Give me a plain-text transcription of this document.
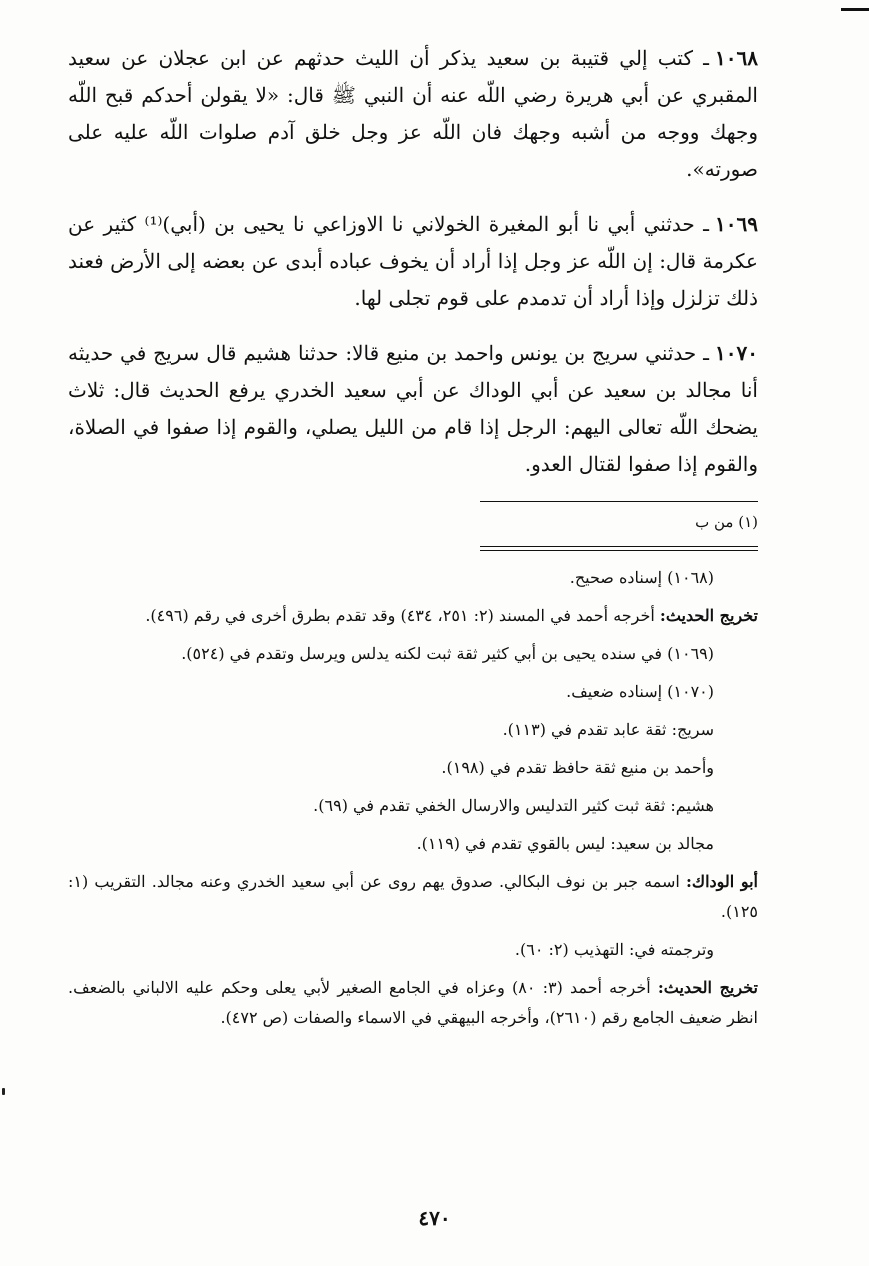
١٠٦٨ـ كتب إلي قتيبة بن سعيد يذكر أن الليث حدثهم عن ابن عجلان عن سعيد المقبري عن أبي هريرة رضي اللّه عنه أن النبي ﷺ قال: «لا يقولن أحدكم قبح اللّه وجهك ووجه من أشبه وجهك فان اللّه عز وجل خلق آدم صلوات اللّه عليه على صورته».

١٠٦٩ـ حدثني أبي نا أبو المغيرة الخولاني نا الاوزاعي نا يحيى بن (أبي)⁽¹⁾ كثير عن عكرمة قال: إن اللّه عز وجل إذا أراد أن يخوف عباده أبدى عن بعضه إلى الأرض فعند ذلك تزلزل وإذا أراد أن تدمدم على قوم تجلى لها.

١٠٧٠ـ حدثني سريج بن يونس واحمد بن منيع قالا: حدثنا هشيم قال سريج في حديثه أنا مجالد بن سعيد عن أبي الوداك عن أبي سعيد الخدري يرفع الحديث قال: ثلاث يضحك اللّه تعالى اليهم: الرجل إذا قام من الليل يصلي، والقوم إذا صفوا في الصلاة، والقوم إذا صفوا لقتال العدو.

(١) من ب

(١٠٦٨) إسناده صحيح.

تخريج الحديث: أخرجه أحمد في المسند (٢: ٢٥١، ٤٣٤) وقد تقدم بطرق أخرى في رقم (٤٩٦).

(١٠٦٩) في سنده يحيى بن أبي كثير ثقة ثبت لكنه يدلس ويرسل وتقدم في (٥٢٤).

(١٠٧٠) إسناده ضعيف.

سريج: ثقة عابد تقدم في (١١٣).

وأحمد بن منيع ثقة حافظ تقدم في (١٩٨).

هشيم: ثقة ثبت كثير التدليس والارسال الخفي تقدم في (٦٩).

مجالد بن سعيد: ليس بالقوي تقدم في (١١٩).

أبو الوداك: اسمه جبر بن نوف البكالي. صدوق يهم روى عن أبي سعيد الخدري وعنه مجالد. التقريب (١: ١٢٥).

وترجمته في: التهذيب (٢: ٦٠).

تخريج الحديث: أخرجه أحمد (٣: ٨٠) وعزاه في الجامع الصغير لأبي يعلى وحكم عليه الالباني بالضعف. انظر ضعيف الجامع رقم (٢٦١٠)، وأخرجه البيهقي في الاسماء والصفات (ص ٤٧٢).

٤٧٠
